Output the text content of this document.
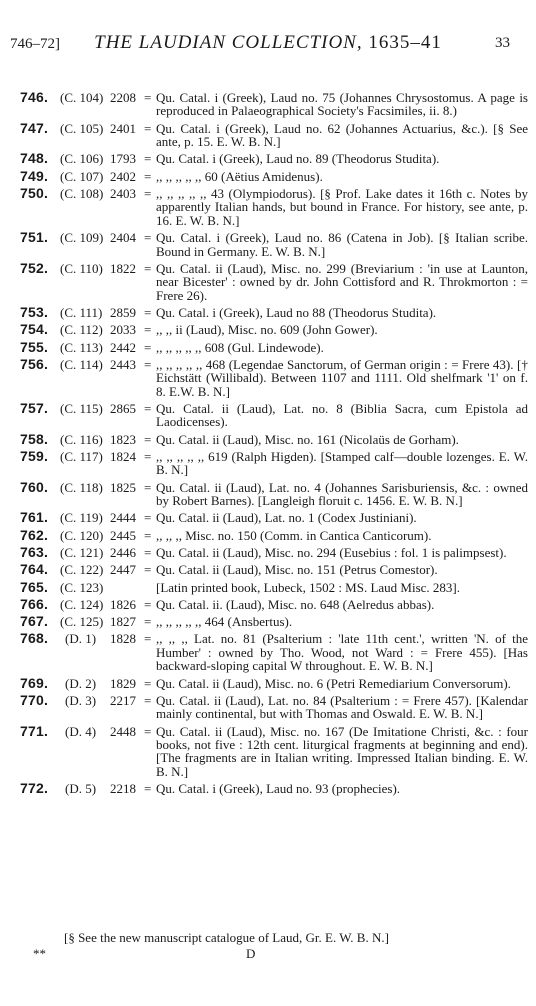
746–72]	THE LAUDIAN COLLECTION, 1635–41	33
746. (C. 104) 2208 = Qu. Catal. i (Greek), Laud no. 75 (Johannes Chrysostomus. A page is reproduced in Palaeographical Society's Facsimiles, ii. 8.)
747. (C. 105) 2401 = Qu. Catal. i (Greek), Laud no. 62 (Johannes Actuarius, &c.). [§ See ante, p. 15. E. W. B. N.]
748. (C. 106) 1793 = Qu. Catal. i (Greek), Laud no. 89 (Theodorus Studita).
749. (C. 107) 2402 = ,, ,, ,, ,, ,, 60 (Aëtius Amidenus).
750. (C. 108) 2403 = ,, ,, ,, ,, ,, 43 (Olympiodorus). [§ Prof. Lake dates it 16th c. Notes by apparently Italian hands, but bound in France. For history, see ante, p. 16. E. W. B. N.]
751. (C. 109) 2404 = Qu. Catal. i (Greek), Laud no. 86 (Catena in Job). [§ Italian scribe. Bound in Germany. E. W. B. N.]
752. (C. 110) 1822 = Qu. Catal. ii (Laud), Misc. no. 299 (Breviarium : 'in use at Launton, near Bicester' : owned by dr. John Cottisford and R. Throkmorton : = Frere 26).
753. (C. 111) 2859 = Qu. Catal. i (Greek), Laud no 88 (Theodorus Studita).
754. (C. 112) 2033 = ,, ,, ii (Laud), Misc. no. 609 (John Gower).
755. (C. 113) 2442 = ,, ,, ,, ,, ,, 608 (Gul. Lindewode).
756. (C. 114) 2443 = ,, ,, ,, ,, ,, 468 (Legendae Sanctorum, of German origin : = Frere 43). [† Eichstätt (Willibald). Between 1107 and 1111. Old shelfmark '1' on f. 8. E.W. B. N.]
757. (C. 115) 2865 = Qu. Catal. ii (Laud), Lat. no. 8 (Biblia Sacra, cum Epistola ad Laodicenses).
758. (C. 116) 1823 = Qu. Catal. ii (Laud), Misc. no. 161 (Nicolaüs de Gorham).
759. (C. 117) 1824 = ,, ,, ,, ,, ,, 619 (Ralph Higden). [Stamped calf—double lozenges. E. W. B. N.]
760. (C. 118) 1825 = Qu. Catal. ii (Laud), Lat. no. 4 (Johannes Sarisburiensis, &c. : owned by Robert Barnes). [Langleigh floruit c. 1456. E. W. B. N.]
761. (C. 119) 2444 = Qu. Catal. ii (Laud), Lat. no. 1 (Codex Justiniani).
762. (C. 120) 2445 = ,, ,, ,, Misc. no. 150 (Comm. in Cantica Canticorum).
763. (C. 121) 2446 = Qu. Catal. ii (Laud), Misc. no. 294 (Eusebius : fol. 1 is palimpsest).
764. (C. 122) 2447 = Qu. Catal. ii (Laud), Misc. no. 151 (Petrus Comestor).
765. (C. 123)	[Latin printed book, Lubeck, 1502 : MS. Laud Misc. 283].
766. (C. 124) 1826 = Qu. Catal. ii. (Laud), Misc. no. 648 (Aelredus abbas).
767. (C. 125) 1827 = ,, ,, ,, ,, ,, 464 (Ansbertus).
768.	(D. 1)	1828 = ,, ,, ,, Lat. no. 81 (Psalterium : 'late 11th cent.', written 'N. of the Humber' : owned by Tho. Wood, not Ward : = Frere 455). [Has backward-sloping capital W throughout. E. W. B. N.]
769.	(D. 2)	1829 = Qu. Catal. ii (Laud), Misc. no. 6 (Petri Remediarium Conversorum).
770.	(D. 3)	2217 = Qu. Catal. ii (Laud), Lat. no. 84 (Psalterium : = Frere 457). [Kalendar mainly continental, but with Thomas and Oswald. E. W. B. N.]
771.	(D. 4)	2448 = Qu. Catal. ii (Laud), Misc. no. 167 (De Imitatione Christi, &c. : four books, not five : 12th cent. liturgical fragments at beginning and end). [The fragments are in Italian writing. Impressed Italian binding. E. W. B. N.]
772.	(D. 5)	2218 = Qu. Catal. i (Greek), Laud no. 93 (prophecies).
[§ See the new manuscript catalogue of Laud, Gr. E. W. B. N.]
**	D
